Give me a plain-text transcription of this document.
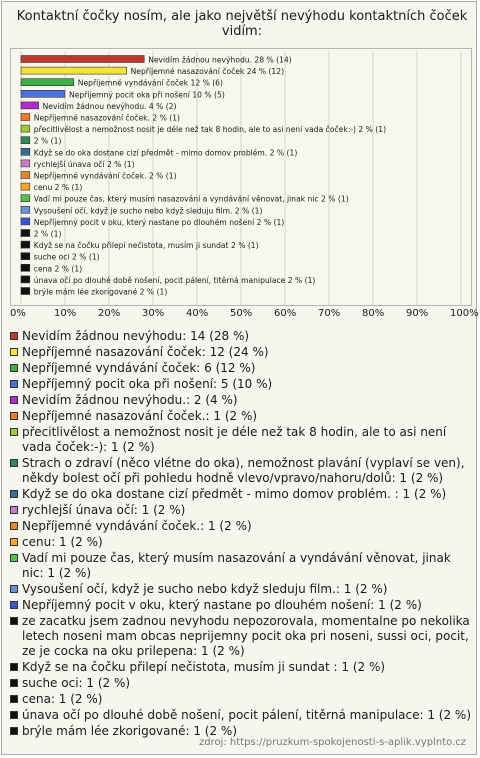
Kontaktní čočky nosím, ale jako největší nevýhodu kontaktních čoček vidím:
Nevidím žádnou nevýhodu. 28 % (14)
Nepříjemné nasazování čoček 24 % (12)
Nepříjemné vyndávání čoček 12 % (6)
Nepříjemný pocit oka při nošení 10 % (5)
Nevidím žádnou nevýhodu. 4 % (2)
Nepříjemné nasazování čoček. 2 % (1)
přecitlivělost a nemožnost nosit je déle než tak 8 hodin, ale to asi není vada čoček:-) 2 % (1)
2 % (1)
Když se do oka dostane cizí předmět - mimo domov problém. 2 % (1)
rychlejší únava očí 2 % (1)
Nepříjemné vyndávání čoček. 2 % (1)
cenu 2 % (1)
Vadí mi pouze čas, který musím nasazování a vyndávání věnovat, jinak nic 2 % (1)
Vysoušení očí, když je sucho nebo když sleduju film. 2 % (1)
Nepříjemný pocit v oku, který nastane po dlouhém nošení 2 % (1)
2 % (1)
Když se na čočku přilepí nečistota, musím ji sundat 2 % (1)
suche oci 2 % (1)
cena 2 % (1)
únava očí po dlouhé době nošení, pocit pálení, titěrná manipulace 2 % (1)
brýle mám lée zkorigované 2 % (1)
Nevidím žádnou nevýhodu: 14 (28 %)
Nepříjemné nasazování čoček: 12 (24 %)
Nepříjemné vyndávání čoček: 6 (12 %)
Nepříjemný pocit oka při nošení: 5 (10 %)
Nevidím žádnou nevýhodu.: 2 (4 %)
Nepříjemné nasazování čoček.: 1 (2 %)
přecitlivělost a nemožnost nosit je déle než tak 8 hodin, ale to asi není vada čoček:-): 1 (2 %)
Strach o zdraví (něco vlétne do oka), nemožnost plavání (vyplaví se ven), někdy bolest očí při pohledu hodně vlevo/vpravo/nahoru/dolů: 1 (2 %)
Když se do oka dostane cizí předmět - mimo domov problém. : 1 (2 %)
rychlejší únava očí: 1 (2 %)
Nepříjemné vyndávání čoček.: 1 (2 %)
cenu: 1 (2 %)
Vadí mi pouze čas, který musím nasazování a vyndávání věnovat, jinak nic: 1 (2 %)
Vysoušení očí, když je sucho nebo když sleduju film.: 1 (2 %)
Nepříjemný pocit v oku, který nastane po dlouhém nošení: 1 (2 %)
ze zacatku jsem zadnou nevyhodu nepozorovala, momentalne po nekolika letech noseni mam obcas neprijemny pocit oka pri noseni, sussi oci, pocit, ze je cocka na oku prilepena: 1 (2 %)
Když se na čočku přilepí nečistota, musím ji sundat : 1 (2 %)
suche oci: 1 (2 %)
cena: 1 (2 %)
únava očí po dlouhé době nošení, pocit pálení, titěrná manipulace: 1 (2 %)
brýle mám lée zkorigované: 1 (2 %)
zdroj: https://pruzkum-spokojenosti-s-aplik.vyplnto.cz
0%	10% 20% 30% 40% 50% 60% 70% 80% 90% 100%
